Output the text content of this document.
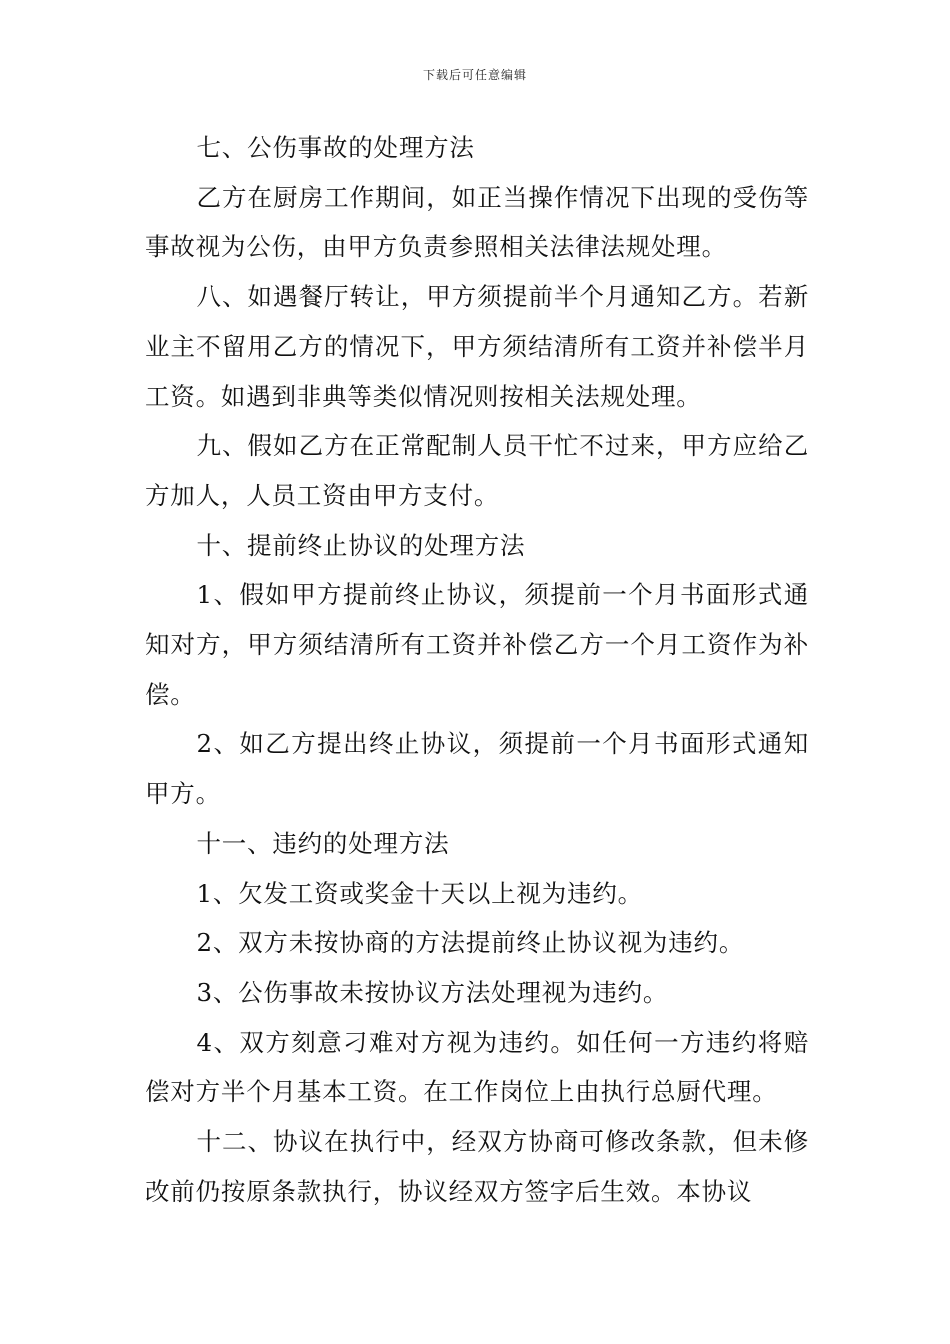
下载后可任意编辑

七、公伤事故的处理方法

乙方在厨房工作期间，如正当操作情况下出现的受伤等事故视为公伤，由甲方负责参照相关法律法规处理。

八、如遇餐厅转让，甲方须提前半个月通知乙方。若新业主不留用乙方的情况下，甲方须结清所有工资并补偿半月工资。如遇到非典等类似情况则按相关法规处理。

九、假如乙方在正常配制人员干忙不过来，甲方应给乙方加人，人员工资由甲方支付。

十、提前终止协议的处理方法

1、假如甲方提前终止协议，须提前一个月书面形式通知对方，甲方须结清所有工资并补偿乙方一个月工资作为补偿。

2、如乙方提出终止协议，须提前一个月书面形式通知甲方。

十一、违约的处理方法

1、欠发工资或奖金十天以上视为违约。

2、双方未按协商的方法提前终止协议视为违约。

3、公伤事故未按协议方法处理视为违约。

4、双方刻意刁难对方视为违约。如任何一方违约将赔偿对方半个月基本工资。在工作岗位上由执行总厨代理。

十二、协议在执行中，经双方协商可修改条款，但未修改前仍按原条款执行，协议经双方签字后生效。本协议
